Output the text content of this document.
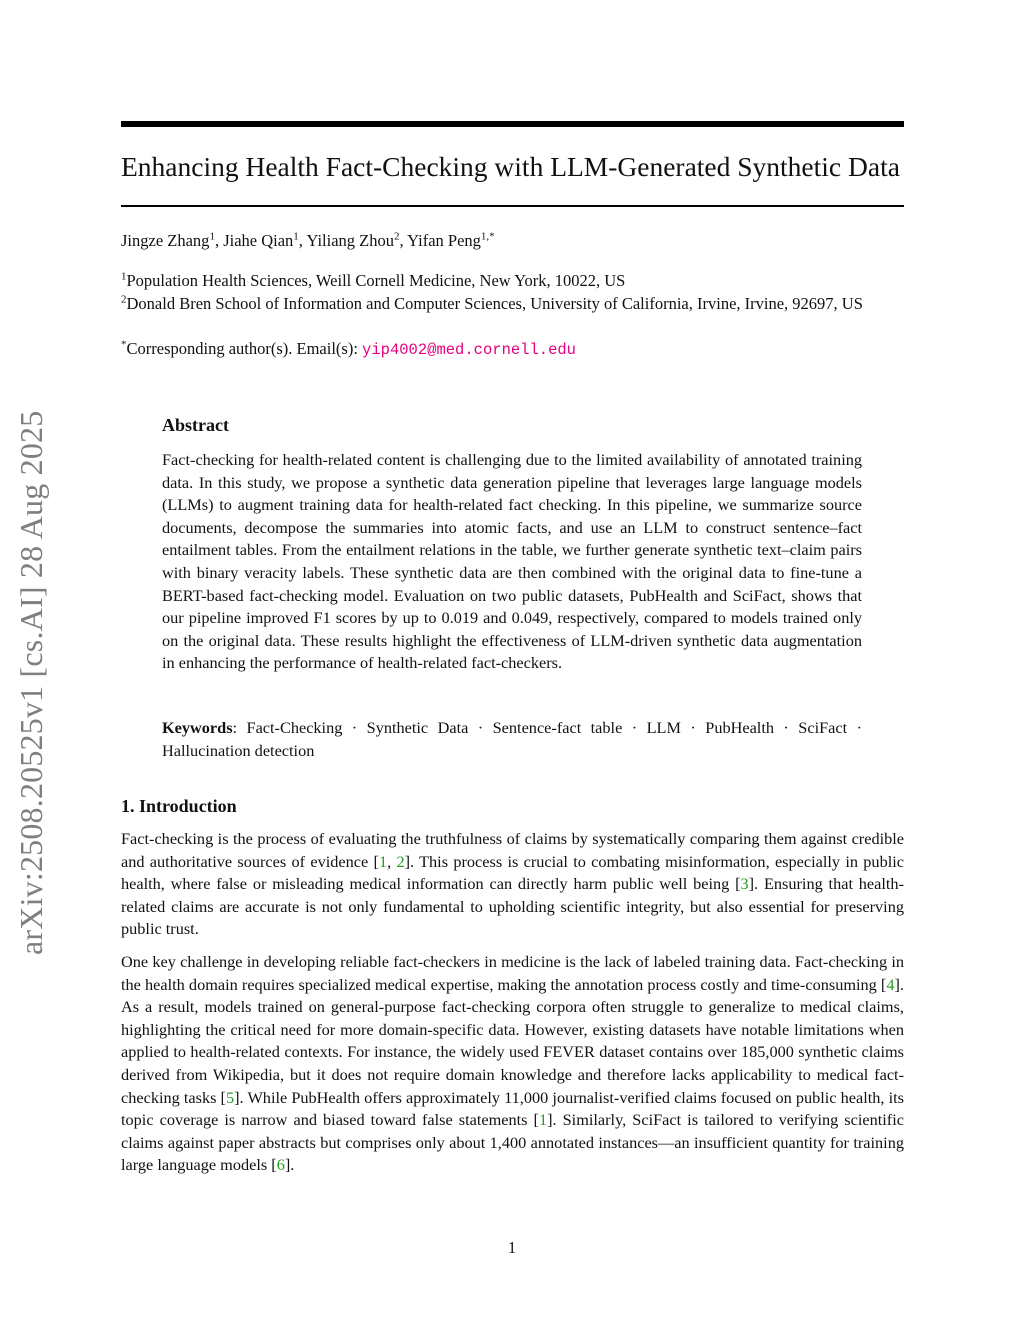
arXiv:2508.20525v1 [cs.AI] 28 Aug 2025
Enhancing Health Fact-Checking with LLM-Generated Synthetic Data
Jingze Zhang$^1$, Jiahe Qian$^1$, Yiliang Zhou$^2$, Yifan Peng$^{1,*}$
$^1$Population Health Sciences, Weill Cornell Medicine, New York, 10022, US
$^2$Donald Bren School of Information and Computer Sciences, University of California, Irvine, Irvine, 92697, US
*Corresponding author(s). Email(s): yip4002@med.cornell.edu
Abstract
Fact-checking for health-related content is challenging due to the limited availability of annotated training data. In this study, we propose a synthetic data generation pipeline that leverages large language models (LLMs) to augment training data for health-related fact checking. In this pipeline, we summarize source documents, decompose the summaries into atomic facts, and use an LLM to construct sentence–fact entailment tables. From the entailment relations in the table, we further generate synthetic text–claim pairs with binary veracity labels. These synthetic data are then combined with the original data to fine-tune a BERT-based fact-checking model. Evaluation on two public datasets, PubHealth and SciFact, shows that our pipeline improved F1 scores by up to 0.019 and 0.049, respectively, compared to models trained only on the original data. These results highlight the effectiveness of LLM-driven synthetic data augmentation in enhancing the performance of health-related fact-checkers.
Keywords: Fact-Checking · Synthetic Data · Sentence-fact table · LLM · PubHealth · SciFact · Hallucination detection
1. Introduction
Fact-checking is the process of evaluating the truthfulness of claims by systematically comparing them against credible and authoritative sources of evidence [1, 2]. This process is crucial to combating misinformation, especially in public health, where false or misleading medical information can directly harm public well being [3]. Ensuring that health-related claims are accurate is not only fundamental to upholding scientific integrity, but also essential for preserving public trust.
One key challenge in developing reliable fact-checkers in medicine is the lack of labeled training data. Fact-checking in the health domain requires specialized medical expertise, making the annotation process costly and time-consuming [4]. As a result, models trained on general-purpose fact-checking corpora often struggle to generalize to medical claims, highlighting the critical need for more domain-specific data. However, existing datasets have notable limitations when applied to health-related contexts. For instance, the widely used FEVER dataset contains over 185,000 synthetic claims derived from Wikipedia, but it does not require domain knowledge and therefore lacks applicability to medical fact-checking tasks [5]. While PubHealth offers approximately 11,000 journalist-verified claims focused on public health, its topic coverage is narrow and biased toward false statements [1]. Similarly, SciFact is tailored to verifying scientific claims against paper abstracts but comprises only about 1,400 annotated instances—an insufficient quantity for training large language models [6].
1
